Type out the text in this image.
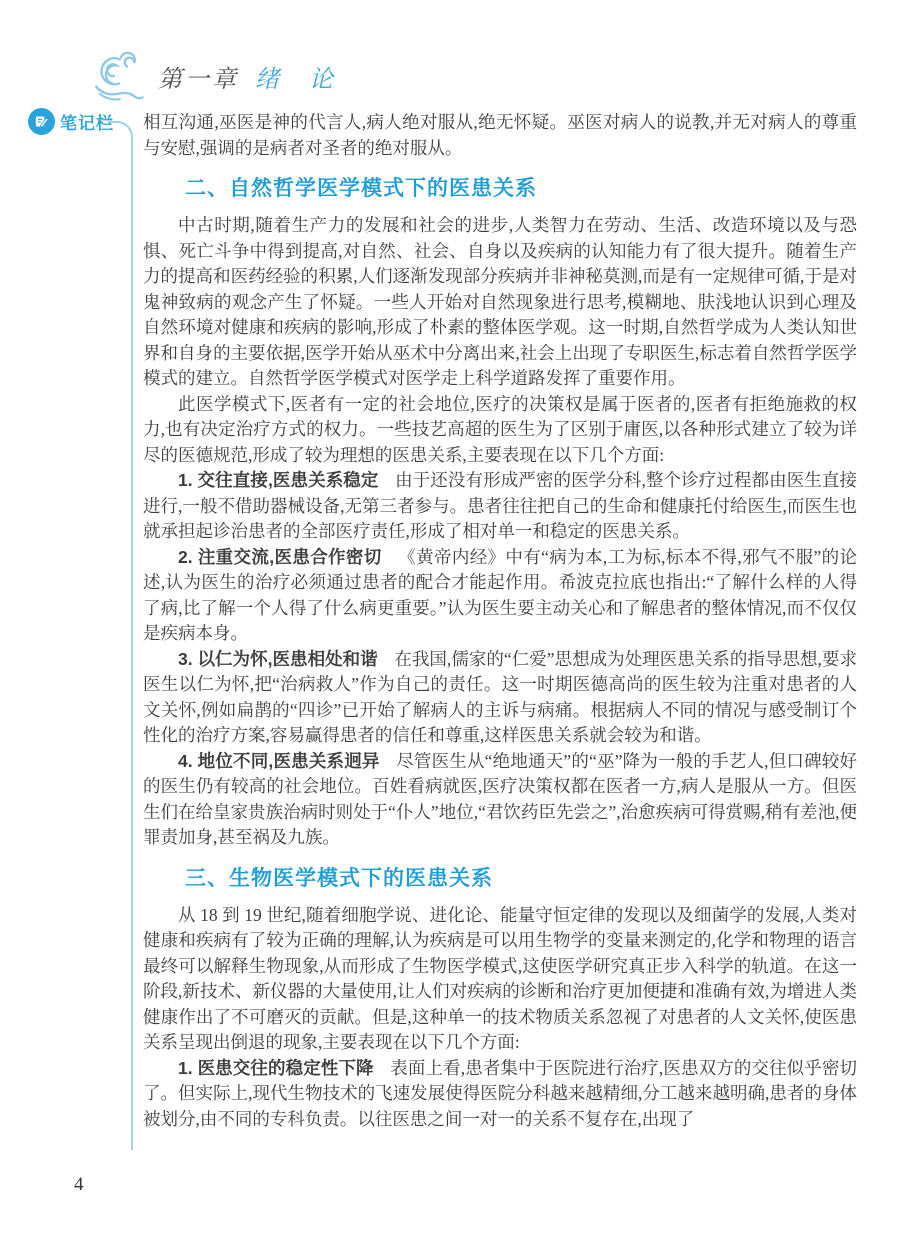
第一章 绪　论
笔记栏 相互沟通,巫医是神的代言人,病人绝对服从,绝无怀疑。巫医对病人的说教,并无对病人的尊重与安慰,强调的是病者对圣者的绝对服从。

二、自然哲学医学模式下的医患关系

中古时期,随着生产力的发展和社会的进步,人类智力在劳动、生活、改造环境以及与恐惧、死亡斗争中得到提高,对自然、社会、自身以及疾病的认知能力有了很大提升。随着生产力的提高和医药经验的积累,人们逐渐发现部分疾病并非神秘莫测,而是有一定规律可循,于是对鬼神致病的观念产生了怀疑。一些人开始对自然现象进行思考,模糊地、肤浅地认识到心理及自然环境对健康和疾病的影响,形成了朴素的整体医学观。这一时期,自然哲学成为人类认知世界和自身的主要依据,医学开始从巫术中分离出来,社会上出现了专职医生,标志着自然哲学医学模式的建立。自然哲学医学模式对医学走上科学道路发挥了重要作用。

此医学模式下,医者有一定的社会地位,医疗的决策权是属于医者的,医者有拒绝施救的权力,也有决定治疗方式的权力。一些技艺高超的医生为了区别于庸医,以各种形式建立了较为详尽的医德规范,形成了较为理想的医患关系,主要表现在以下几个方面:

1. 交往直接,医患关系稳定 由于还没有形成严密的医学分科,整个诊疗过程都由医生直接进行,一般不借助器械设备,无第三者参与。患者往往把自己的生命和健康托付给医生,而医生也就承担起诊治患者的全部医疗责任,形成了相对单一和稳定的医患关系。

2. 注重交流,医患合作密切 《黄帝内经》中有“病为本,工为标,标本不得,邪气不服”的论述,认为医生的治疗必须通过患者的配合才能起作用。希波克拉底也指出:“了解什么样的人得了病,比了解一个人得了什么病更重要。”认为医生要主动关心和了解患者的整体情况,而不仅仅是疾病本身。

3. 以仁为怀,医患相处和谐 在我国,儒家的“仁爱”思想成为处理医患关系的指导思想,要求医生以仁为怀,把“治病救人”作为自己的责任。这一时期医德高尚的医生较为注重对患者的人文关怀,例如扁鹊的“四诊”已开始了解病人的主诉与病痛。根据病人不同的情况与感受制订个性化的治疗方案,容易赢得患者的信任和尊重,这样医患关系就会较为和谐。

4. 地位不同,医患关系迥异 尽管医生从“绝地通天”的“巫”降为一般的手艺人,但口碑较好的医生仍有较高的社会地位。百姓看病就医,医疗决策权都在医者一方,病人是服从一方。但医生们在给皇家贵族治病时则处于“仆人”地位,“君饮药臣先尝之”,治愈疾病可得赏赐,稍有差池,便罪责加身,甚至祸及九族。

三、生物医学模式下的医患关系

从 18 到 19 世纪,随着细胞学说、进化论、能量守恒定律的发现以及细菌学的发展,人类对健康和疾病有了较为正确的理解,认为疾病是可以用生物学的变量来测定的,化学和物理的语言最终可以解释生物现象,从而形成了生物医学模式,这使医学研究真正步入科学的轨道。在这一阶段,新技术、新仪器的大量使用,让人们对疾病的诊断和治疗更加便捷和准确有效,为增进人类健康作出了不可磨灭的贡献。但是,这种单一的技术物质关系忽视了对患者的人文关怀,使医患关系呈现出倒退的现象,主要表现在以下几个方面:

1. 医患交往的稳定性下降 表面上看,患者集中于医院进行治疗,医患双方的交往似乎密切了。但实际上,现代生物技术的飞速发展使得医院分科越来越精细,分工越来越明确,患者的身体被划分,由不同的专科负责。以往医患之间一对一的关系不复存在,出现了

4
